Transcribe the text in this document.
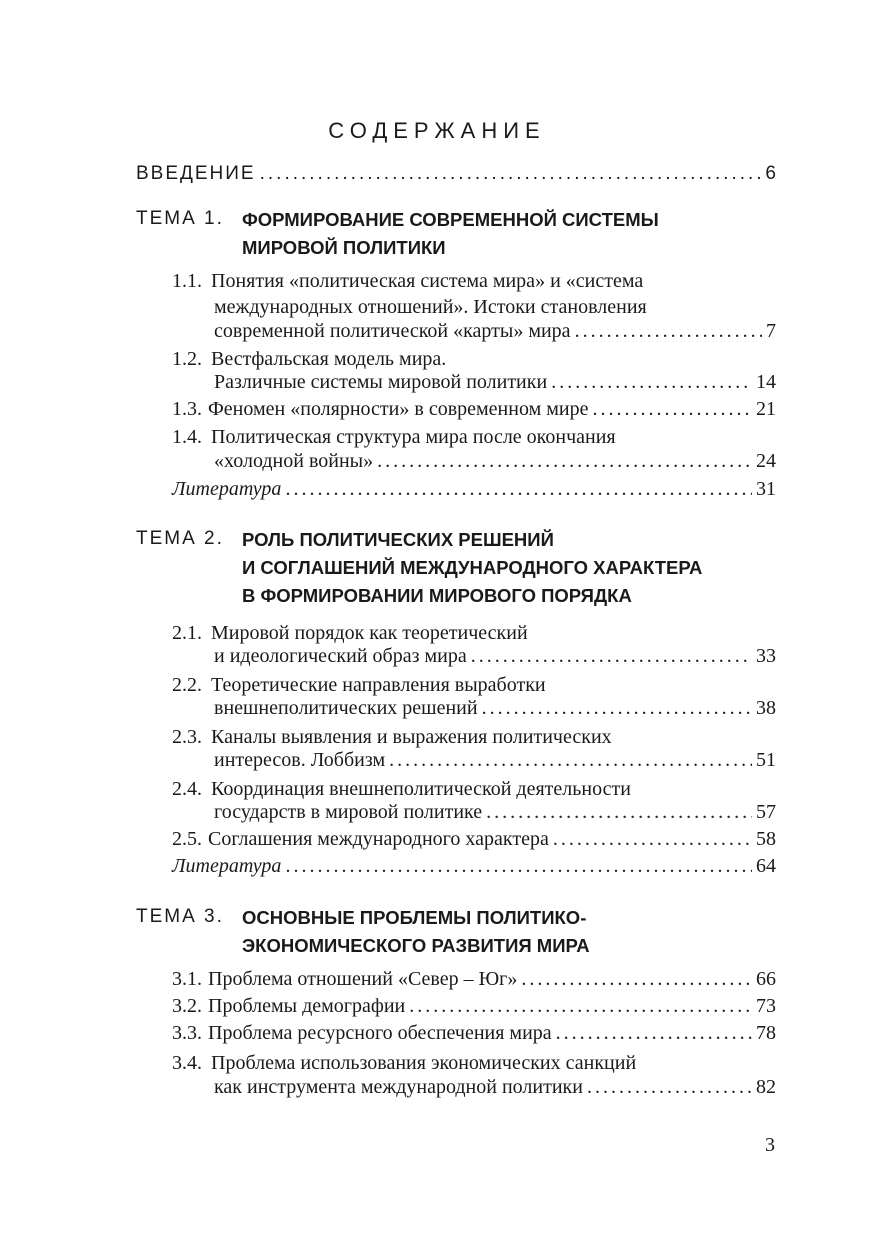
СОДЕРЖАНИЕ
ВВЕДЕНИЕ .....	6
ТЕМА 1. ФОРМИРОВАНИЕ СОВРЕМЕННОЙ СИСТЕМЫ
МИРОВОЙ ПОЛИТИКИ
1.1. Понятия «политическая система мира» и «система
международных отношений». Истоки становления
современной политической «карты» мира .....	7
1.2. Вестфальская модель мира.
Различные системы мировой политики .....	14
1.3. Феномен «полярности» в современном мире .....	21
1.4. Политическая структура мира после окончания
«холодной войны» .....	24
Литература .....	31
ТЕМА 2. РОЛЬ ПОЛИТИЧЕСКИХ РЕШЕНИЙ
И СОГЛАШЕНИЙ МЕЖДУНАРОДНОГО ХАРАКТЕРА
В ФОРМИРОВАНИИ МИРОВОГО ПОРЯДКА
2.1. Мировой порядок как теоретический
и идеологический образ мира .....	33
2.2. Теоретические направления выработки
внешнеполитических решений .....	38
2.3. Каналы выявления и выражения политических
интересов. Лоббизм .....	51
2.4. Координация внешнеполитической деятельности
государств в мировой политике .....	57
2.5. Соглашения международного характера .....	58
Литература .....	64
ТЕМА 3. ОСНОВНЫЕ ПРОБЛЕМЫ ПОЛИТИКО-
ЭКОНОМИЧЕСКОГО РАЗВИТИЯ МИРА
3.1. Проблема отношений «Север – Юг» .....	66
3.2. Проблемы демографии .....	73
3.3. Проблема ресурсного обеспечения мира .....	78
3.4. Проблема использования экономических санкций
как инструмента международной политики .....	82
3
